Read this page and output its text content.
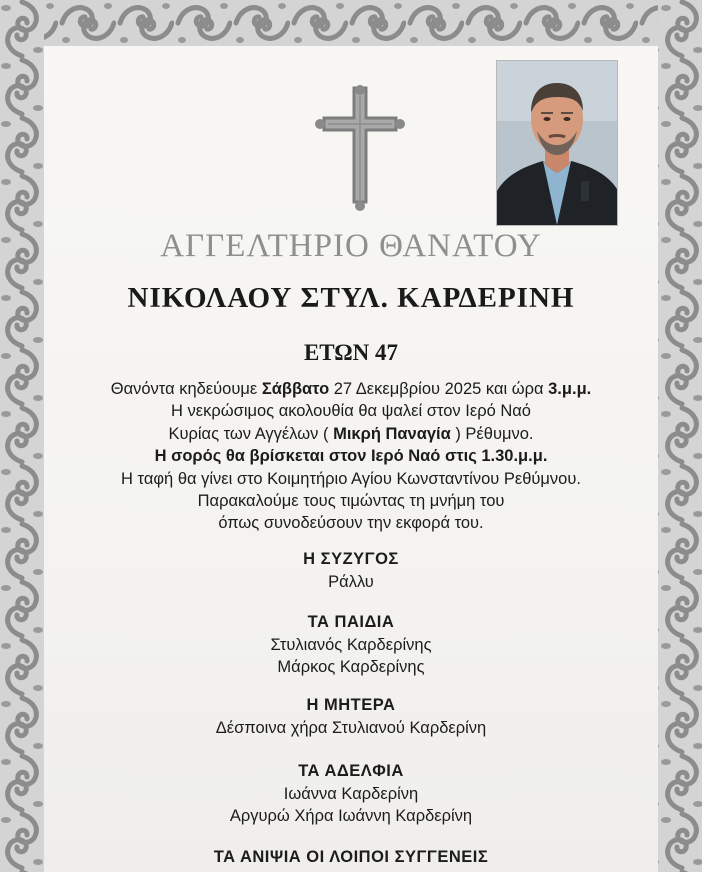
ΑΓΓΕΛΤΗΡΙΟ ΘΑΝΑΤΟΥ
ΝΙΚΟΛΑΟΥ ΣΤΥΛ. ΚΑΡΔΕΡΙΝΗ
ΕΤΩΝ 47
Θανόντα κηδεύουμε Σάββατο 27 Δεκεμβρίου 2025 και ώρα 3.μ.μ.
Η νεκρώσιμος ακολουθία θα ψαλεί στον Ιερό Ναό
Κυρίας των Αγγέλων ( Μικρή Παναγία ) Ρέθυμνο.
Η σορός θα βρίσκεται στον Ιερό Ναό στις 1.30.μ.μ.
Η ταφή θα γίνει στο Κοιμητήριο Αγίου Κωνσταντίνου Ρεθύμνου.
Παρακαλούμε τους τιμώντας τη μνήμη του
όπως συνοδεύσουν την εκφορά του.
Η ΣΥΖΥΓΟΣ
Ράλλυ
ΤΑ ΠΑΙΔΙΑ
Στυλιανός Καρδερίνης
Μάρκος Καρδερίνης
Η ΜΗΤΕΡΑ
Δέσποινα χήρα Στυλιανού Καρδερίνη
ΤΑ ΑΔΕΛΦΙΑ
Ιωάννα Καρδερίνη
Αργυρώ Χήρα Ιωάννη Καρδερίνη
ΤΑ ΑΝΙΨΙΑ ΟΙ ΛΟΙΠΟΙ ΣΥΓΓΕΝΕΙΣ
